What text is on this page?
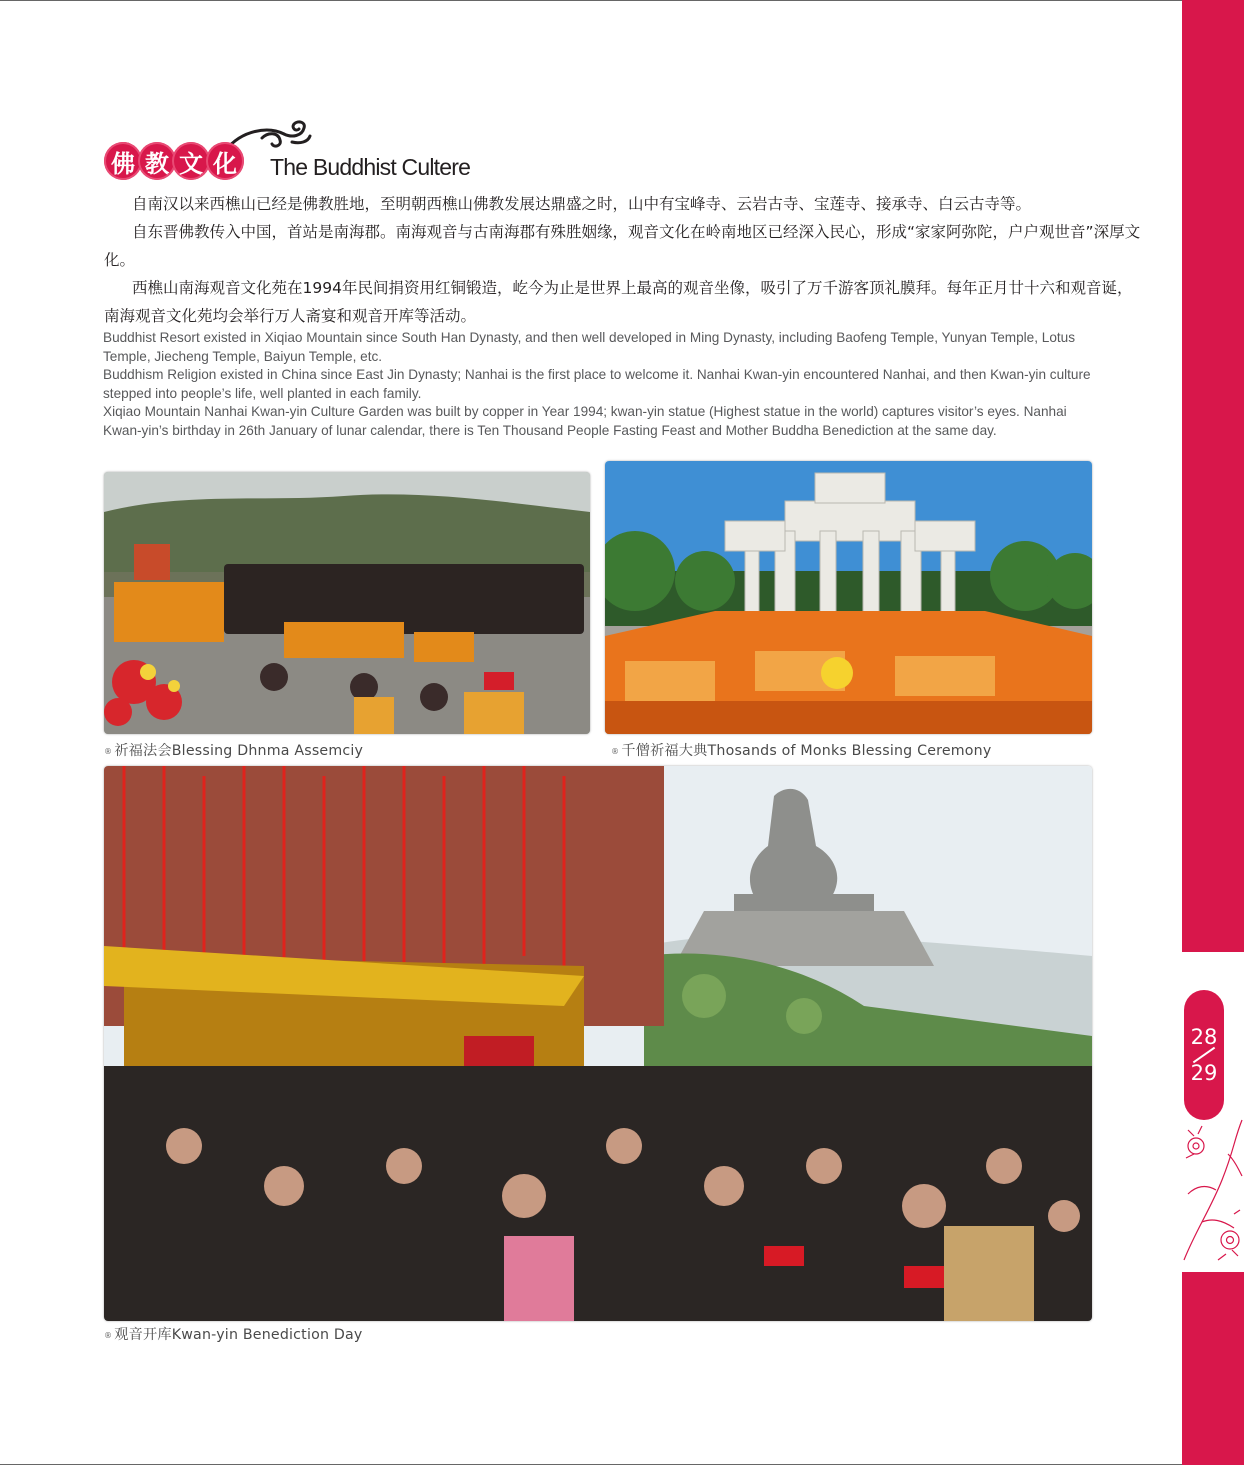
28
29
佛 教 文 化	The Buddhist Cultere

自南汉以来西樵山已经是佛教胜地，至明朝西樵山佛教发展达鼎盛之时，山中有宝峰寺、云岩古寺、宝莲寺、接承寺、白云古寺等。

自东晋佛教传入中国，首站是南海郡。南海观音与古南海郡有殊胜姻缘，观音文化在岭南地区已经深入民心，形成“家家阿弥陀，户户观世音”深厚文化。

西樵山南海观音文化苑在1994年民间捐资用红铜锻造，屹今为止是世界上最高的观音坐像，吸引了万千游客顶礼膜拜。每年正月廿十六和观音诞，南海观音文化苑均会举行万人斋宴和观音开库等活动。

Buddhist Resort existed in Xiqiao Mountain since South Han Dynasty, and then well developed in Ming Dynasty, including Baofeng Temple, Yunyan Temple, Lotus Temple, Jiecheng Temple, Baiyun Temple, etc.

Buddhism Religion existed in China since East Jin Dynasty; Nanhai is the first place to welcome it. Nanhai Kwan-yin encountered Nanhai, and then Kwan-yin culture stepped into people’s life, well planted in each family.

Xiqiao Mountain Nanhai Kwan-yin Culture Garden was built by copper in Year 1994; kwan-yin statue (Highest statue in the world) captures visitor’s eyes. Nanhai Kwan-yin’s birthday in 26th January of lunar calendar, there is Ten Thousand People Fasting Feast and Mother Buddha Benediction at the same day.

® 祈福法会Blessing Dhnma Assemciy	® 千僧祈福大典Thosands of Monks Blessing Ceremony
® 观音开库Kwan-yin Benediction Day
